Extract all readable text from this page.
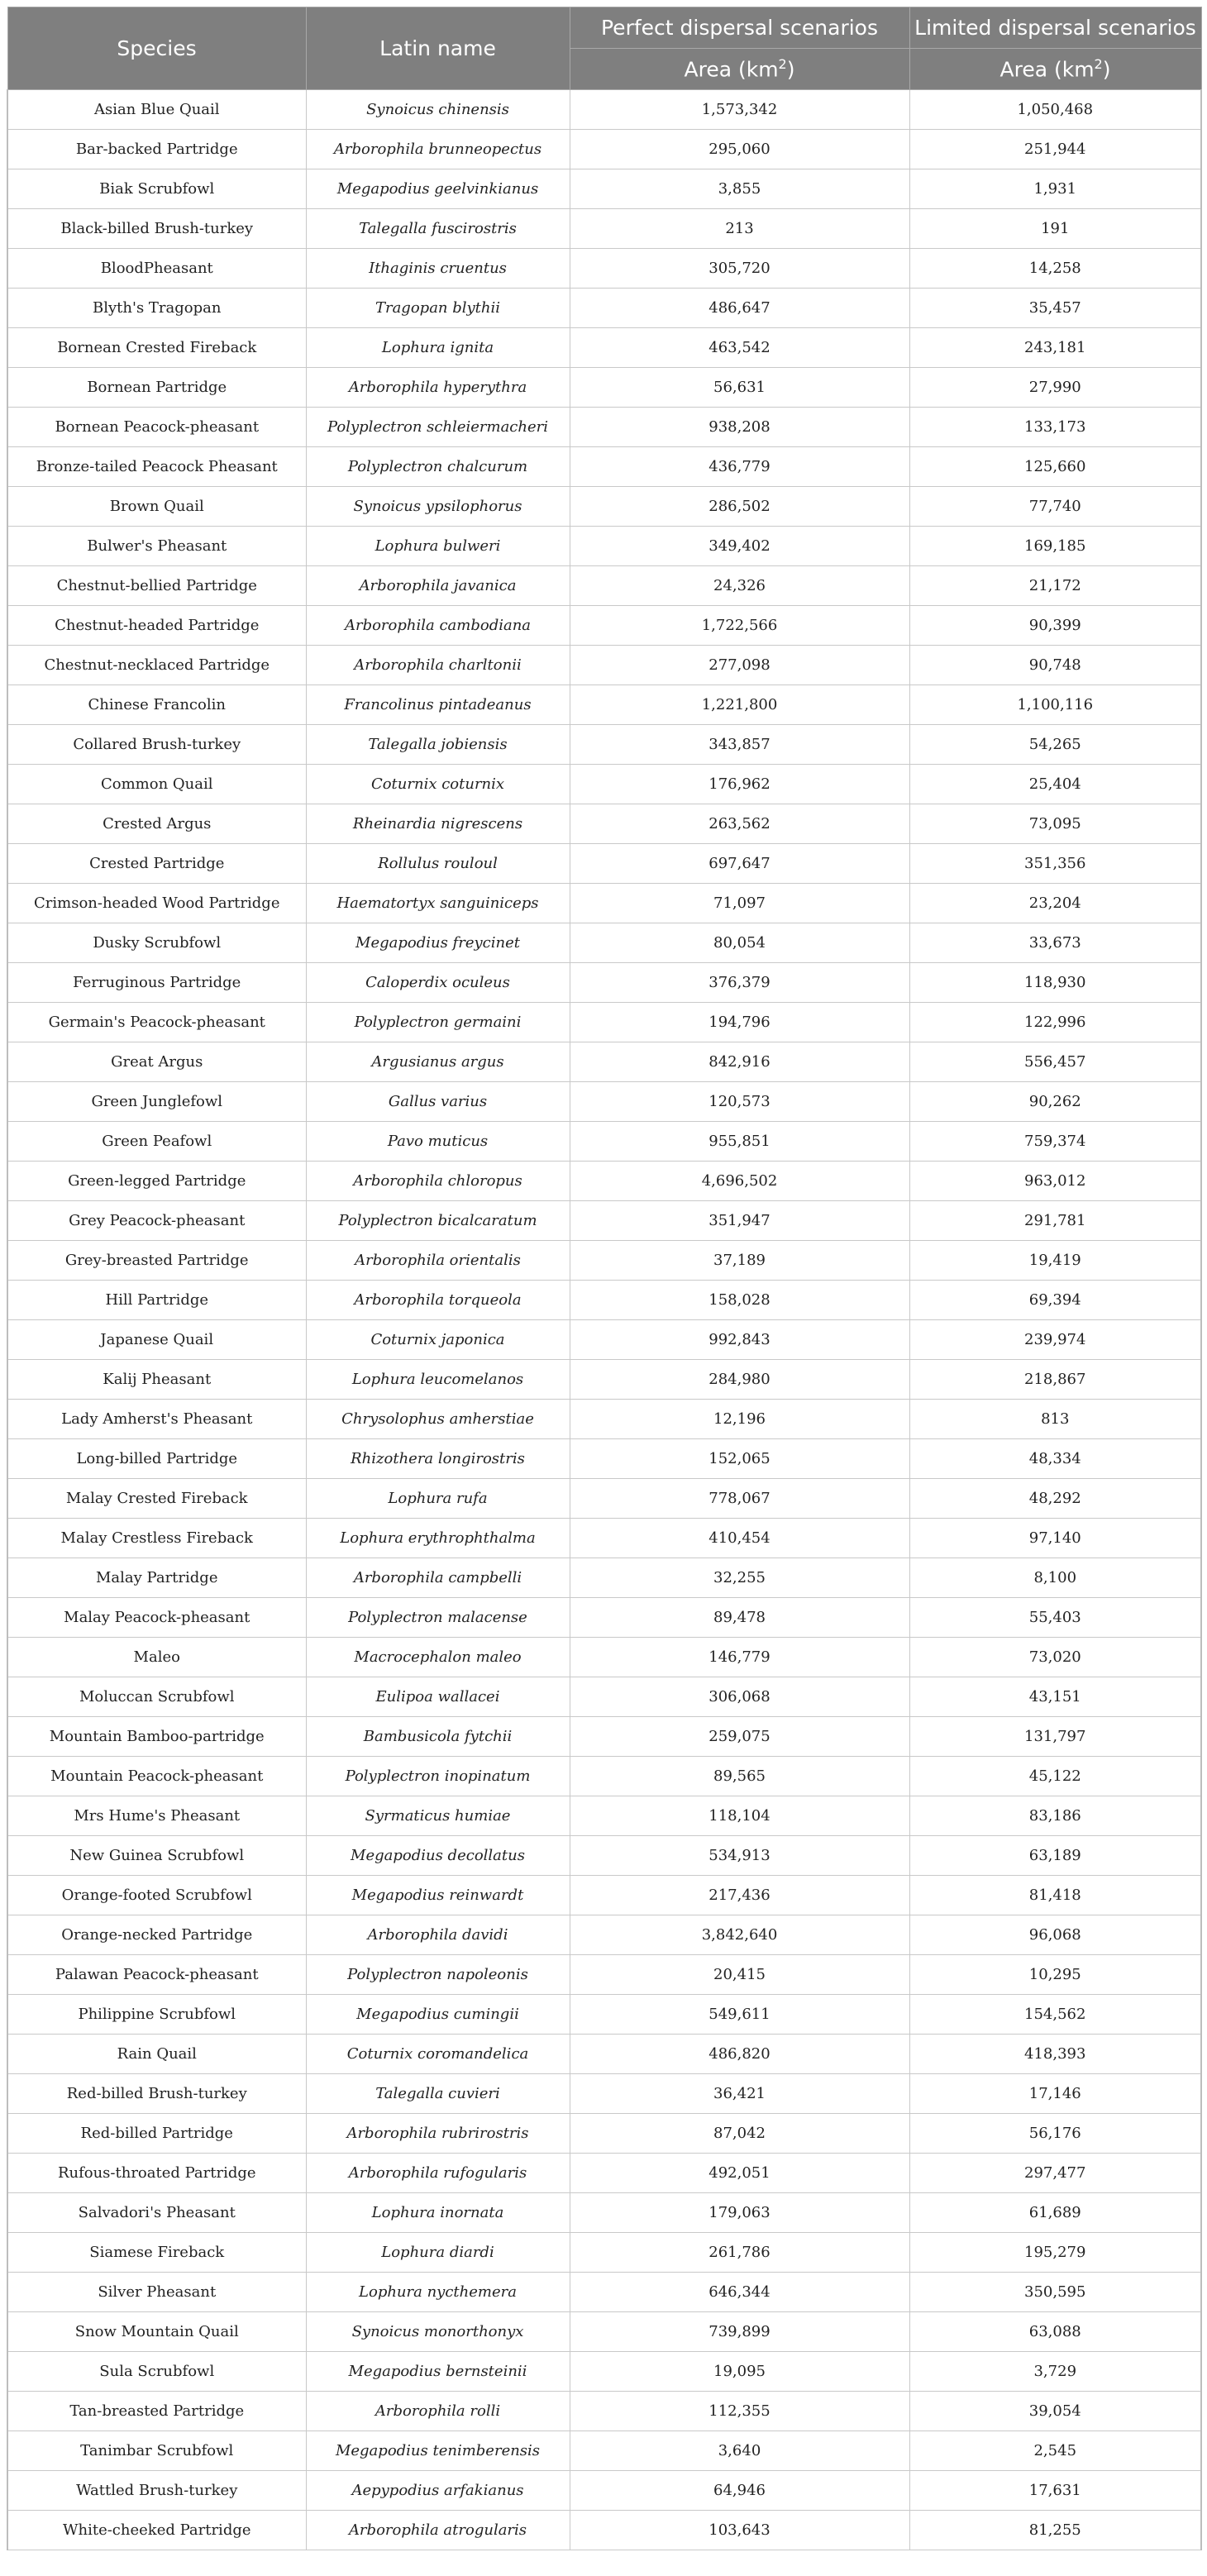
Species	Latin name	Perfect dispersal scenarios	Limited dispersal scenarios
		Area $(km^2)$	Area $(km^2)$
Asian Blue Quail	Synoicus chinensis	1,573,342	1,050,468
Bar-backed Partridge	Arborophila brunneopectus	295,060	251,944
Biak Scrubfowl	Megapodius geelvinkianus	3,855	1,931
Black-billed Brush-turkey	Talegalla fuscirostris	213	191
BloodPheasant	Ithaginis cruentus	305,720	14,258
Blyth's Tragopan	Tragopan blythii	486,647	35,457
Bornean Crested Fireback	Lophura ignita	463,542	243,181
Bornean Partridge	Arborophila hyperythra	56,631	27,990
Bornean Peacock-pheasant	Polyplectron schleiermacheri	938,208	133,173
Bronze-tailed Peacock Pheasant	Polyplectron chalcurum	436,779	125,660
Brown Quail	Synoicus ypsilophorus	286,502	77,740
Bulwer's Pheasant	Lophura bulweri	349,402	169,185
Chestnut-bellied Partridge	Arborophila javanica	24,326	21,172
Chestnut-headed Partridge	Arborophila cambodiana	1,722,566	90,399
Chestnut-necklaced Partridge	Arborophila charltonii	277,098	90,748
Chinese Francolin	Francolinus pintadeanus	1,221,800	1,100,116
Collared Brush-turkey	Talegalla jobiensis	343,857	54,265
Common Quail	Coturnix coturnix	176,962	25,404
Crested Argus	Rheinardia nigrescens	263,562	73,095
Crested Partridge	Rollulus rouloul	697,647	351,356
Crimson-headed Wood Partridge	Haematortyx sanguiniceps	71,097	23,204
Dusky Scrubfowl	Megapodius freycinet	80,054	33,673
Ferruginous Partridge	Caloperdix oculeus	376,379	118,930
Germain's Peacock-pheasant	Polyplectron germaini	194,796	122,996
Great Argus	Argusianus argus	842,916	556,457
Green Junglefowl	Gallus varius	120,573	90,262
Green Peafowl	Pavo muticus	955,851	759,374
Green-legged Partridge	Arborophila chloropus	4,696,502	963,012
Grey Peacock-pheasant	Polyplectron bicalcaratum	351,947	291,781
Grey-breasted Partridge	Arborophila orientalis	37,189	19,419
Hill Partridge	Arborophila torqueola	158,028	69,394
Japanese Quail	Coturnix japonica	992,843	239,974
Kalij Pheasant	Lophura leucomelanos	284,980	218,867
Lady Amherst's Pheasant	Chrysolophus amherstiae	12,196	813
Long-billed Partridge	Rhizothera longirostris	152,065	48,334
Malay Crested Fireback	Lophura rufa	778,067	48,292
Malay Crestless Fireback	Lophura erythrophthalma	410,454	97,140
Malay Partridge	Arborophila campbelli	32,255	8,100
Malay Peacock-pheasant	Polyplectron malacense	89,478	55,403
Maleo	Macrocephalon maleo	146,779	73,020
Moluccan Scrubfowl	Eulipoa wallacei	306,068	43,151
Mountain Bamboo-partridge	Bambusicola fytchii	259,075	131,797
Mountain Peacock-pheasant	Polyplectron inopinatum	89,565	45,122
Mrs Hume's Pheasant	Syrmaticus humiae	118,104	83,186
New Guinea Scrubfowl	Megapodius decollatus	534,913	63,189
Orange-footed Scrubfowl	Megapodius reinwardt	217,436	81,418
Orange-necked Partridge	Arborophila davidi	3,842,640	96,068
Palawan Peacock-pheasant	Polyplectron napoleonis	20,415	10,295
Philippine Scrubfowl	Megapodius cumingii	549,611	154,562
Rain Quail	Coturnix coromandelica	486,820	418,393
Red-billed Brush-turkey	Talegalla cuvieri	36,421	17,146
Red-billed Partridge	Arborophila rubrirostris	87,042	56,176
Rufous-throated Partridge	Arborophila rufogularis	492,051	297,477
Salvadori's Pheasant	Lophura inornata	179,063	61,689
Siamese Fireback	Lophura diardi	261,786	195,279
Silver Pheasant	Lophura nycthemera	646,344	350,595
Snow Mountain Quail	Synoicus monorthonyx	739,899	63,088
Sula Scrubfowl	Megapodius bernsteinii	19,095	3,729
Tan-breasted Partridge	Arborophila rolli	112,355	39,054
Tanimbar Scrubfowl	Megapodius tenimberensis	3,640	2,545
Wattled Brush-turkey	Aepypodius arfakianus	64,946	17,631
White-cheeked Partridge	Arborophila atrogularis	103,643	81,255
